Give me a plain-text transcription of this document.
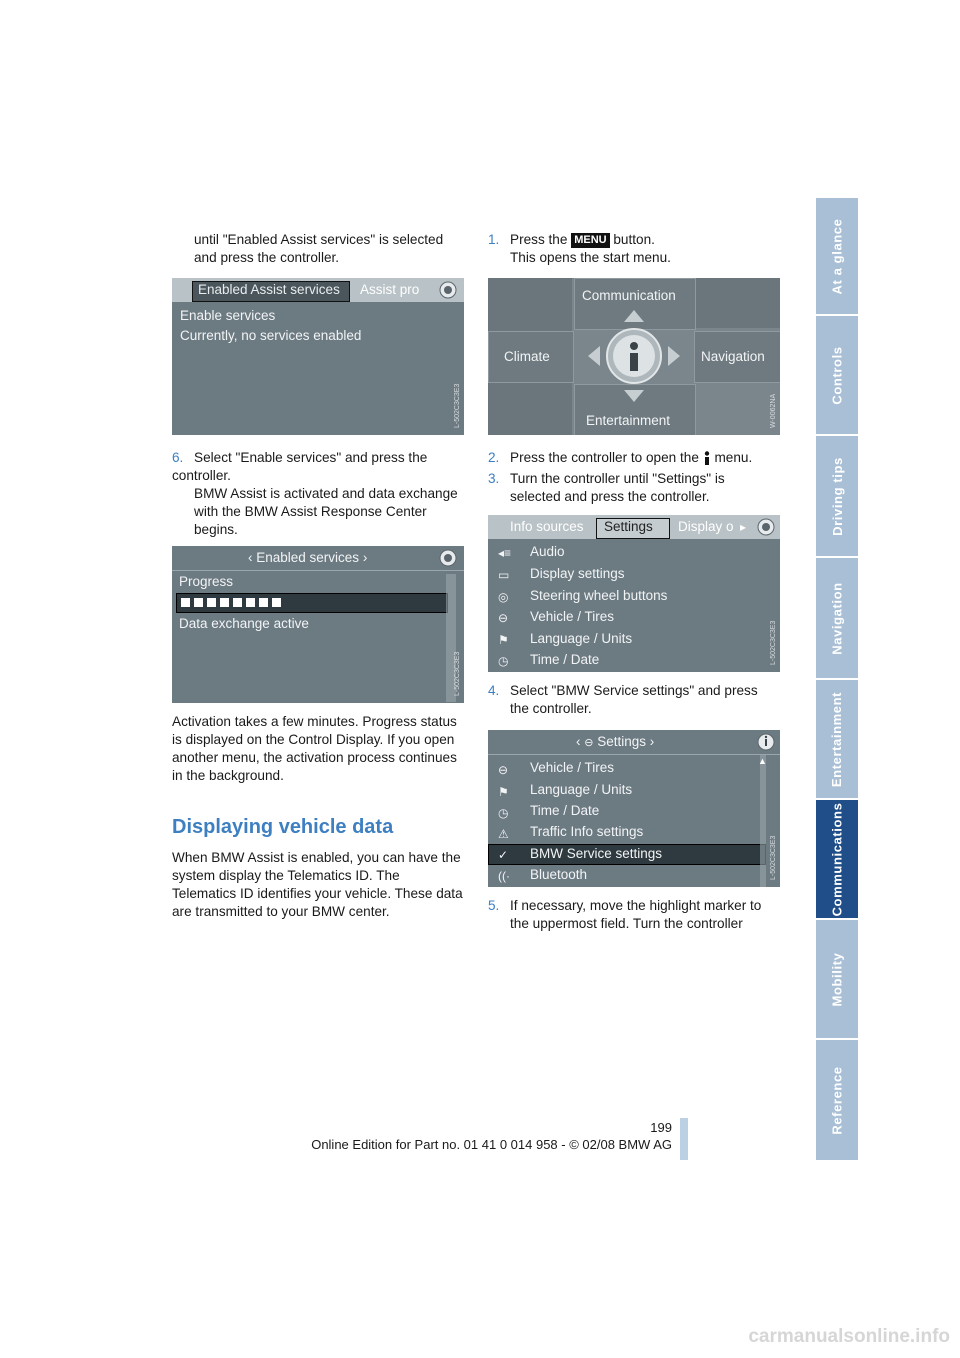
At a glance
Controls
Driving tips
Navigation
Entertainment
Communications
Mobility
Reference
until "Enabled Assist services" is selected and press the controller.
Enabled Assist services Assist pro
Enable services
Currently, no services enabled
L-502C3C3E3
6. Select "Enable services" and press the controller.
BMW Assist is activated and data exchange with the BMW Assist Response Center begins.
‹ Enabled services ›
Progress
Data exchange active
L-502C3C3E3
Activation takes a few minutes. Progress status is displayed on the Control Display. If you open another menu, the activation process continues in the background.
Displaying vehicle data
When BMW Assist is enabled, you can have the system display the Telematics ID. The Telematics ID identifies your vehicle. These data are transmitted to your BMW center.
1. Press the MENU button.
This opens the start menu.
Communication
Climate	Navigation
Entertainment	W-0062NA
2. Press the controller to open the menu.
3. Turn the controller until "Settings" is selected and press the controller.
Info sources Settings Display o ▸
◂≡	Audio
▭	Display settings
◎	Steering wheel buttons
⊖	Vehicle / Tires
⚑	Language / Units
◷	Time / Date	L-502C3C3E3
4. Select "BMW Service settings" and press the controller.
‹ ⊖ Settings ›
⊖	Vehicle / Tires
⚑	Language / Units
◷	Time / Date
⚠	Traffic Info settings
✓	BMW Service settings
((·	Bluetooth
▲
L-502C3C3E3
5. If necessary, move the highlight marker to the uppermost field. Turn the controller
199
Online Edition for Part no. 01 41 0 014 958 - © 02/08 BMW AG
carmanualsonline.info
